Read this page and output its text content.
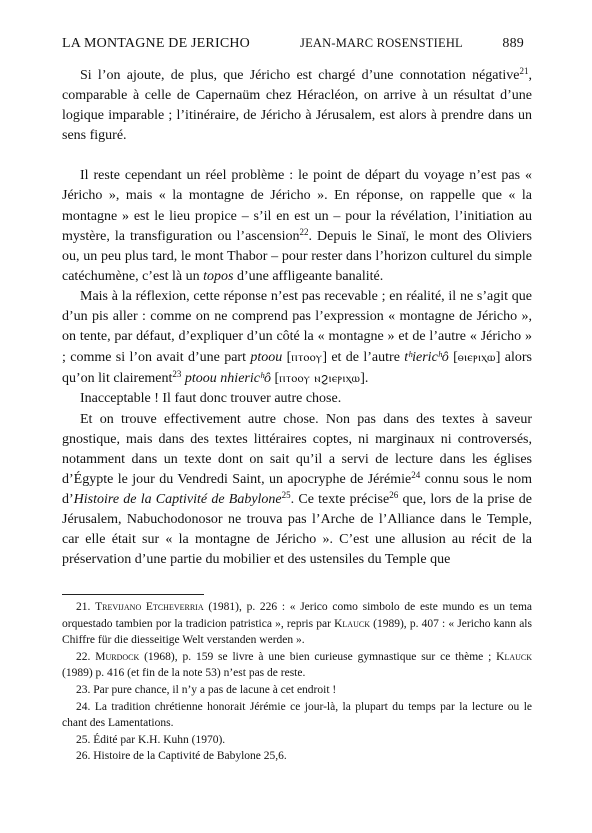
LA MONTAGNE DE JERICHO	JEAN-MARC ROSENSTIEHL	889

Si l’on ajoute, de plus, que Jéricho est chargé d’une connotation négative$^{21}$, comparable à celle de Capernaüm chez Héracléon, on arrive à un résultat d’une logique imparable ; l’itinéraire, de Jéricho à Jérusalem, est alors à prendre dans un sens figuré.

Il reste cependant un réel problème : le point de départ du voyage n’est pas « Jéricho », mais « la montagne de Jéricho ». En réponse, on rappelle que « la montagne » est le lieu propice – s’il en est un – pour la révélation, l’initiation au mystère, la transfiguration ou l’ascension$^{22}$. Depuis le Sinaï, le mont des Oliviers ou, un peu plus tard, le mont Thabor – pour rester dans l’horizon culturel du simple catéchumène, c’est là un topos d’une affligeante banalité.

Mais à la réflexion, cette réponse n’est pas recevable ; en réalité, il ne s’agit que d’un pis aller : comme on ne comprend pas l’expression « montagne de Jéricho », on tente, par défaut, d’expliquer d’un côté la « montagne » et de l’autre « Jéricho » ; comme si l’on avait d’une part ptoou [ⲡⲧⲟⲟⲩ] et de l’autre tʰiericʰô [ⲑⲓⲉⲣⲓⲭⲱ] alors qu’on lit clairement$^{23}$ ptoou nhiericʰô [ⲡⲧⲟⲟⲩ ⲛϩⲓⲉⲣⲓⲭⲱ].

Inacceptable ! Il faut donc trouver autre chose.

Et on trouve effectivement autre chose. Non pas dans des textes à saveur gnostique, mais dans des textes littéraires coptes, ni marginaux ni controversés, notamment dans un texte dont on sait qu’il a servi de lecture dans les églises d’Égypte le jour du Vendredi Saint, un apocryphe de Jérémie$^{24}$ connu sous le nom d’Histoire de la Captivité de Babylone$^{25}$. Ce texte précise$^{26}$ que, lors de la prise de Jérusalem, Nabuchodonosor ne trouva pas l’Arche de l’Alliance dans le Temple, car elle était sur « la montagne de Jéricho ». C’est une allusion au récit de la préservation d’une partie du mobilier et des ustensiles du Temple que

21. Trevijano Etcheverria (1981), p. 226 : « Jerico como simbolo de este mundo es un tema orquestado tambien por la tradicion patristica », repris par Klauck (1989), p. 407 : « Jericho kann als Chiffre für die diesseitige Welt verstanden werden ».

22. Murdock (1968), p. 159 se livre à une bien curieuse gymnastique sur ce thème ; Klauck (1989) p. 416 (et fin de la note 53) n’est pas de reste.

23. Par pure chance, il n’y a pas de lacune à cet endroit !

24. La tradition chrétienne honorait Jérémie ce jour-là, la plupart du temps par la lecture ou le chant des Lamentations.

25. Édité par K.H. Kuhn (1970).

26. Histoire de la Captivité de Babylone 25,6.
